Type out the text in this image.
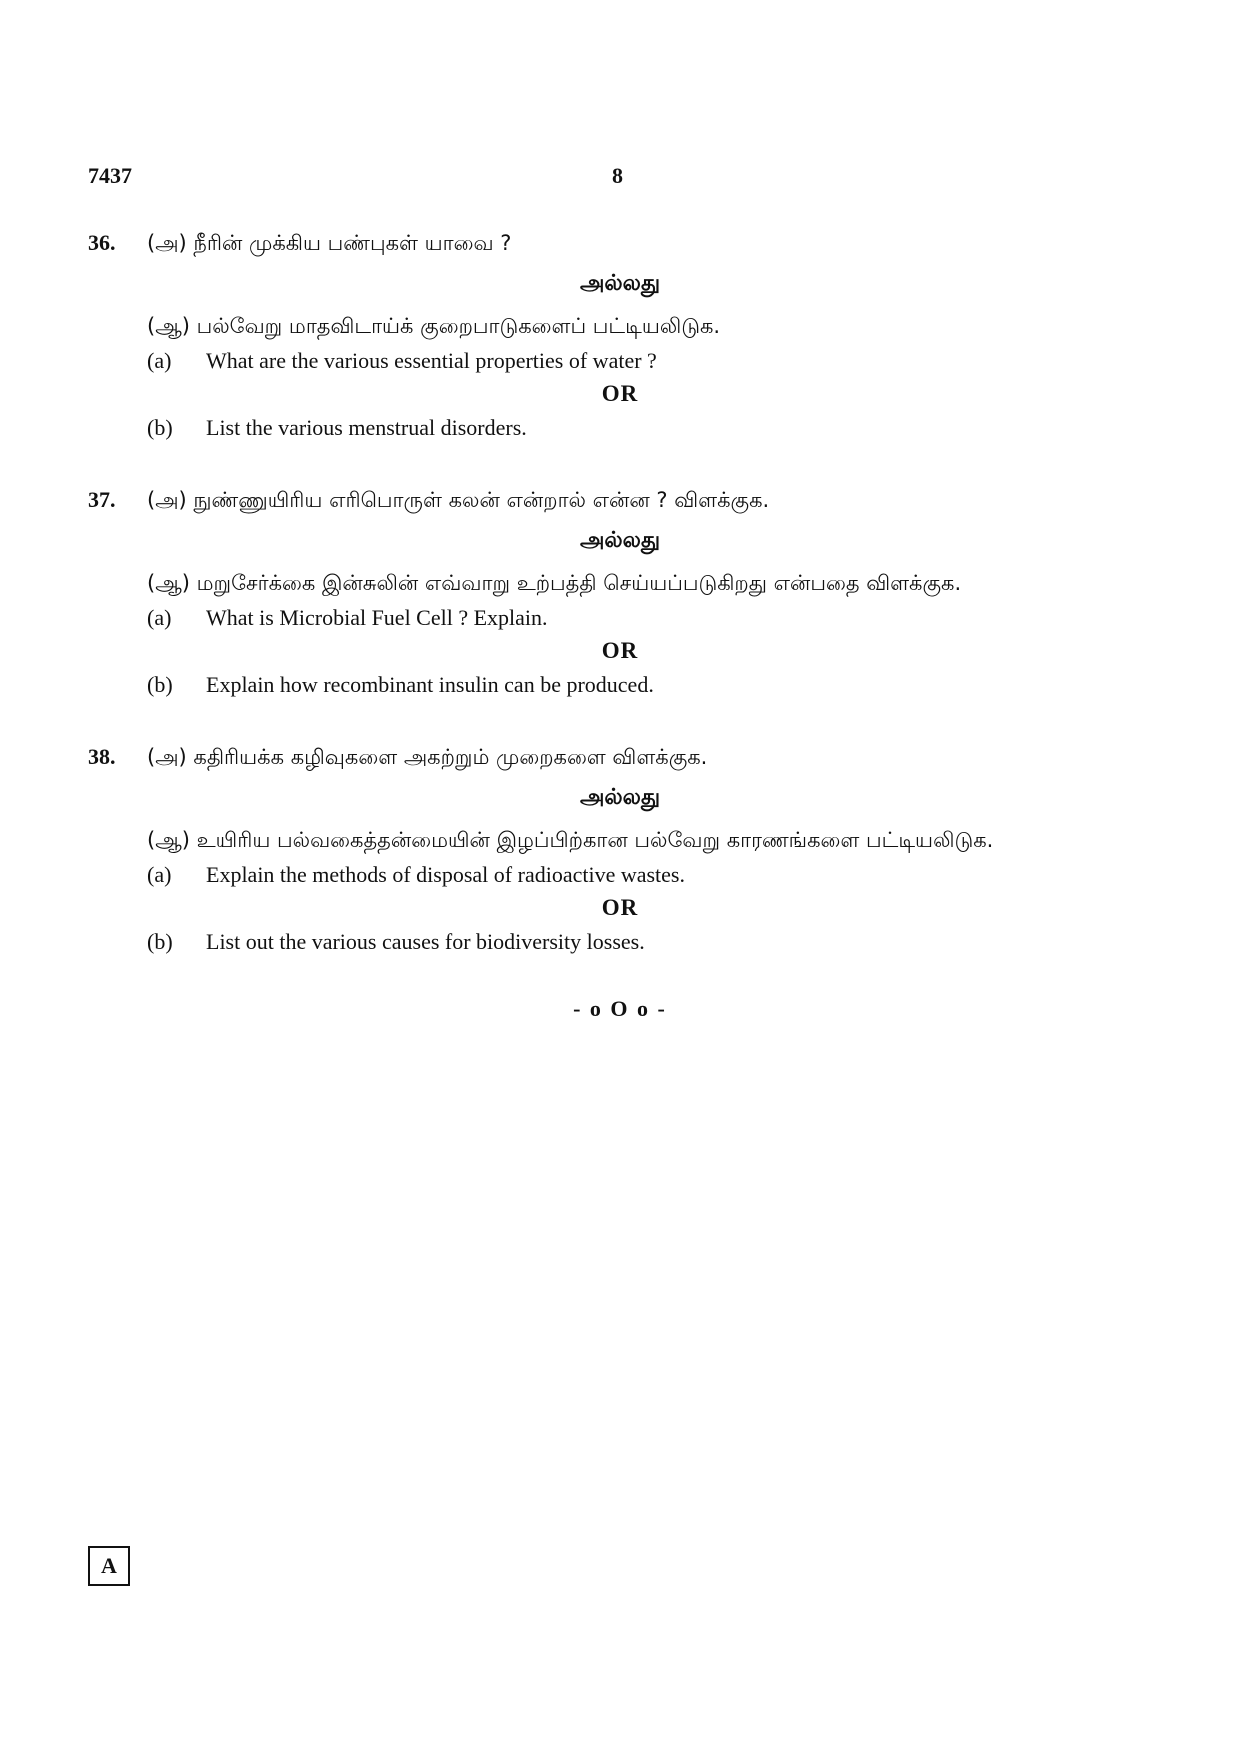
7437	8
36. (அ) நீரின் முக்கிய பண்புகள் யாவை ?
அல்லது
(ஆ) பல்வேறு மாதவிடாய்க் குறைபாடுகளைப் பட்டியலிடுக.
(a) What are the various essential properties of water ?
OR
(b) List the various menstrual disorders.
37. (அ) நுண்ணுயிரிய எரிபொருள் கலன் என்றால் என்ன ? விளக்குக.
அல்லது
(ஆ) மறுசேர்க்கை இன்சுலின் எவ்வாறு உற்பத்தி செய்யப்படுகிறது என்பதை விளக்குக.
(a) What is Microbial Fuel Cell ? Explain.
OR
(b) Explain how recombinant insulin can be produced.
38. (அ) கதிரியக்க கழிவுகளை அகற்றும் முறைகளை விளக்குக.
அல்லது
(ஆ) உயிரிய பல்வகைத்தன்மையின் இழப்பிற்கான பல்வேறு காரணங்களை பட்டியலிடுக.
(a) Explain the methods of disposal of radioactive wastes.
OR
(b) List out the various causes for biodiversity losses.
- o O o -
A
